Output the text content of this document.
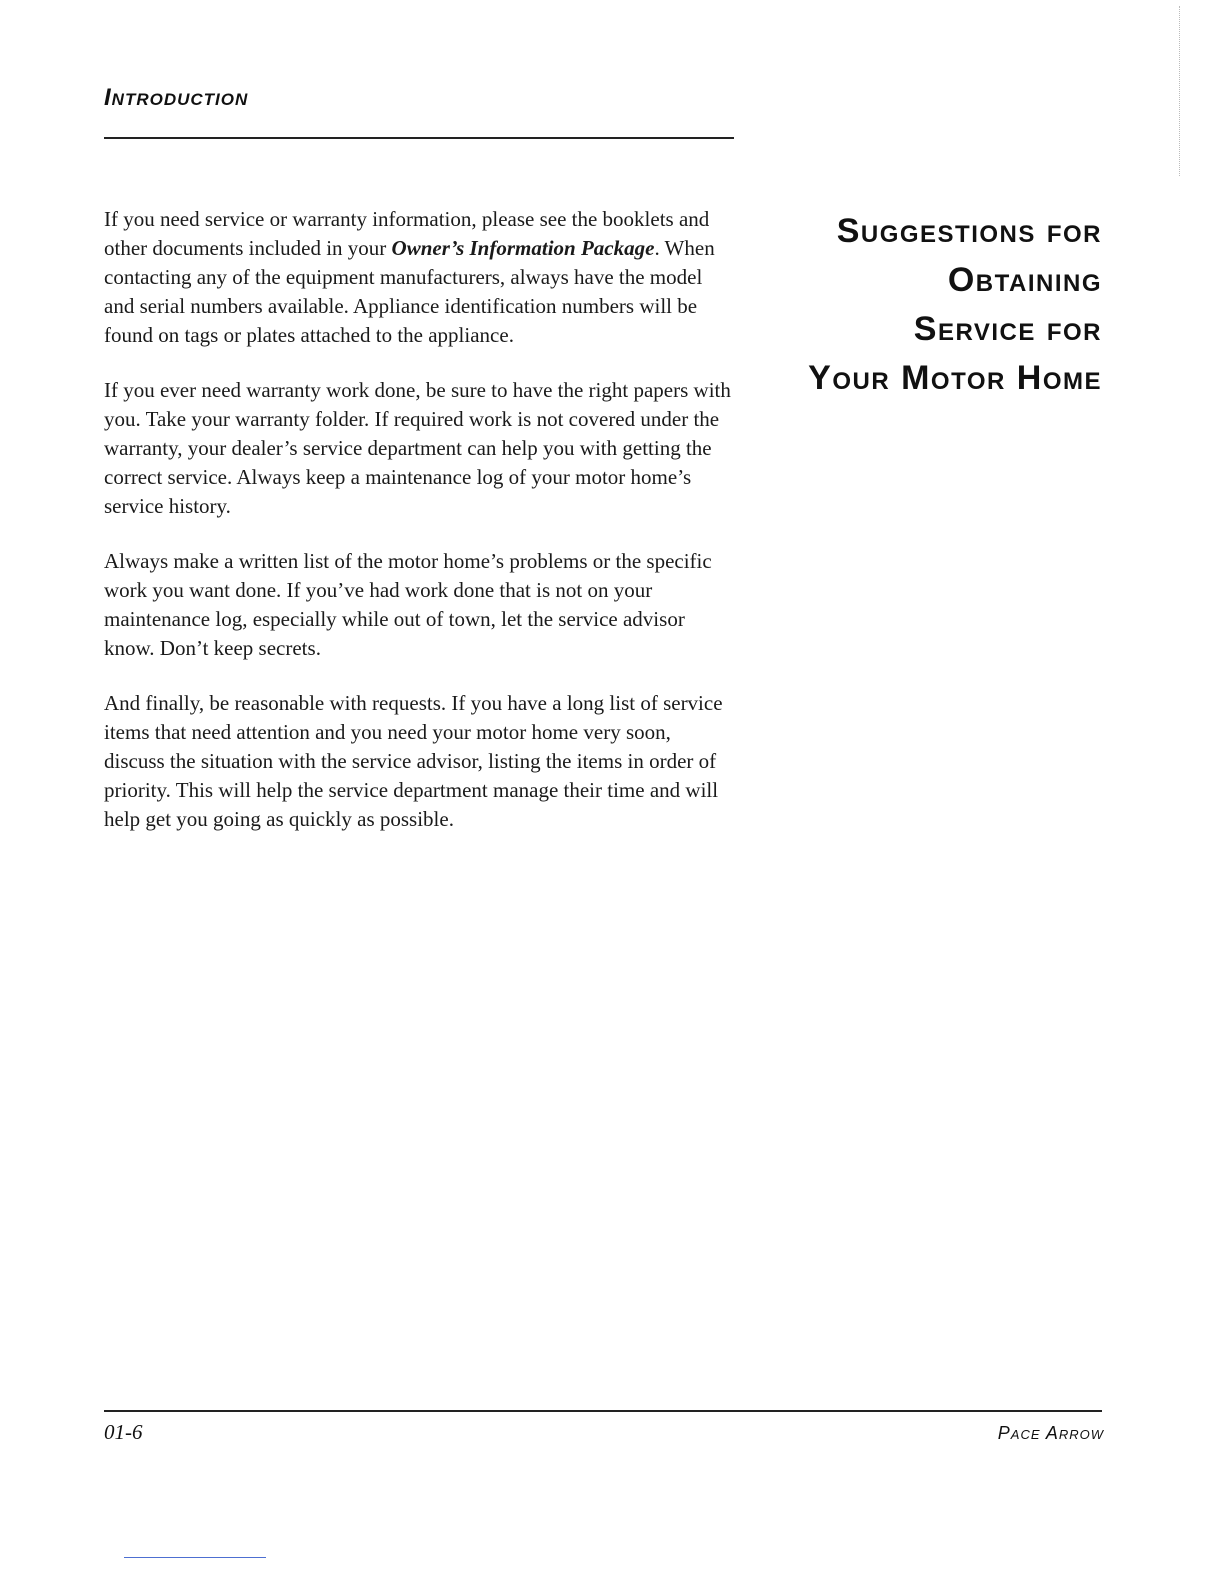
Introduction
Suggestions for
Obtaining
Service for
Your Motor Home

If you need service or warranty information, please see the booklets and other documents included in your Owner’s Information Package. When contacting any of the equipment manufacturers, always have the model and serial numbers available. Appliance identification numbers will be found on tags or plates attached to the appliance.

If you ever need warranty work done, be sure to have the right papers with you. Take your warranty folder. If required work is not covered under the warranty, your dealer’s service department can help you with getting the correct service. Always keep a maintenance log of your motor home’s service history.

Always make a written list of the motor home’s problems or the specific work you want done. If you’ve had work done that is not on your maintenance log, especially while out of town, let the service advisor know. Don’t keep secrets.

And finally, be reasonable with requests. If you have a long list of service items that need attention and you need your motor home very soon, discuss the situation with the service advisor, listing the items in order of priority. This will help the service department manage their time and will help get you going as quickly as possible.

01-6	Pace Arrow
